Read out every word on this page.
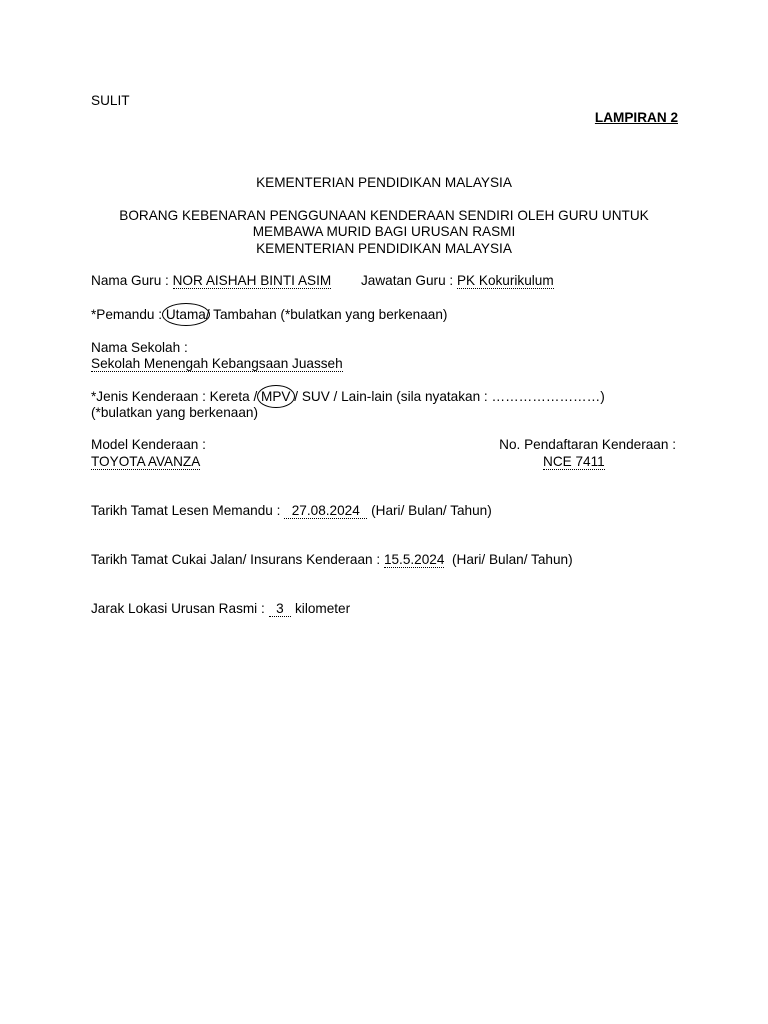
SULIT
LAMPIRAN 2
KEMENTERIAN PENDIDIKAN MALAYSIA
BORANG KEBENARAN PENGGUNAAN KENDERAAN SENDIRI OLEH GURU UNTUK
MEMBAWA MURID BAGI URUSAN RASMI
KEMENTERIAN PENDIDIKAN MALAYSIA
Nama Guru : NOR AISHAH BINTI ASIM Jawatan Guru : PK Kokurikulum
*Pemandu : Utama/ Tambahan (*bulatkan yang berkenaan)
Nama Sekolah :
Sekolah Menengah Kebangsaan Juasseh
*Jenis Kenderaan : Kereta / MPV / SUV / Lain-lain (sila nyatakan : ……………………)
(*bulatkan yang berkenaan)
Model Kenderaan :
TOYOTA AVANZA
No. Pendaftaran Kenderaan :
NCE 7411
Tarikh Tamat Lesen Memandu :   27.08.2024   (Hari/ Bulan/ Tahun)
Tarikh Tamat Cukai Jalan/ Insurans Kenderaan : 15.5.2024  (Hari/ Bulan/ Tahun)
Jarak Lokasi Urusan Rasmi :   3   kilometer
